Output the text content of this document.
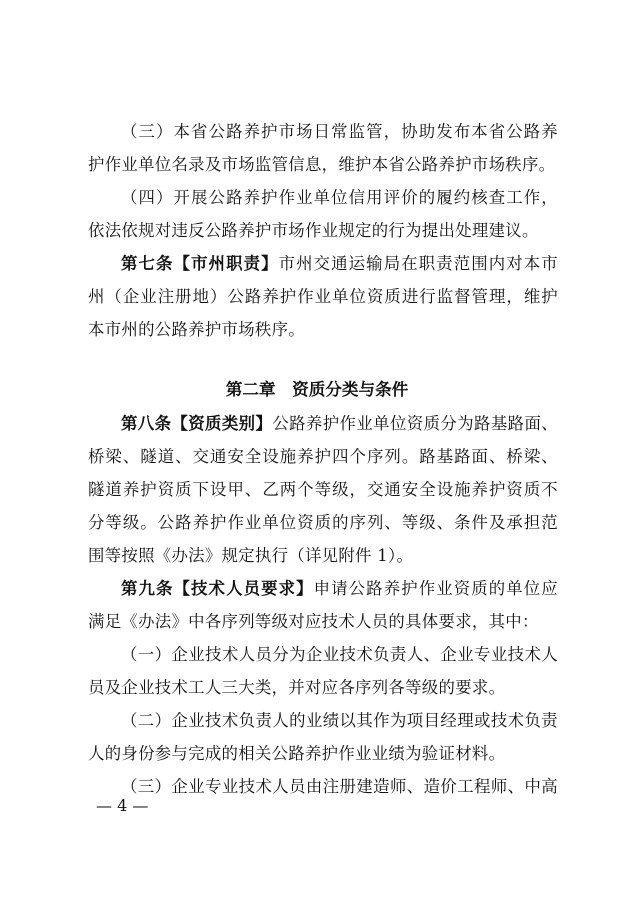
（三）本省公路养护市场日常监管，协助发布本省公路养
护作业单位名录及市场监管信息，维护本省公路养护市场秩序。
（四）开展公路养护作业单位信用评价的履约核查工作，
依法依规对违反公路养护市场作业规定的行为提出处理建议。
第七条【市州职责】市州交通运输局在职责范围内对本市
州（企业注册地）公路养护作业单位资质进行监督管理，维护
本市州的公路养护市场秩序。
第二章　资质分类与条件
第八条【资质类别】公路养护作业单位资质分为路基路面、
桥梁、隧道、交通安全设施养护四个序列。路基路面、桥梁、
隧道养护资质下设甲、乙两个等级，交通安全设施养护资质不
分等级。公路养护作业单位资质的序列、等级、条件及承担范
围等按照《办法》规定执行（详见附件 1）。
第九条【技术人员要求】申请公路养护作业资质的单位应
满足《办法》中各序列等级对应技术人员的具体要求，其中：
（一）企业技术人员分为企业技术负责人、企业专业技术人
员及企业技术工人三大类，并对应各序列各等级的要求。
（二）企业技术负责人的业绩以其作为项目经理或技术负责
人的身份参与完成的相关公路养护作业业绩为验证材料。
（三）企业专业技术人员由注册建造师、造价工程师、中高
— 4 —
